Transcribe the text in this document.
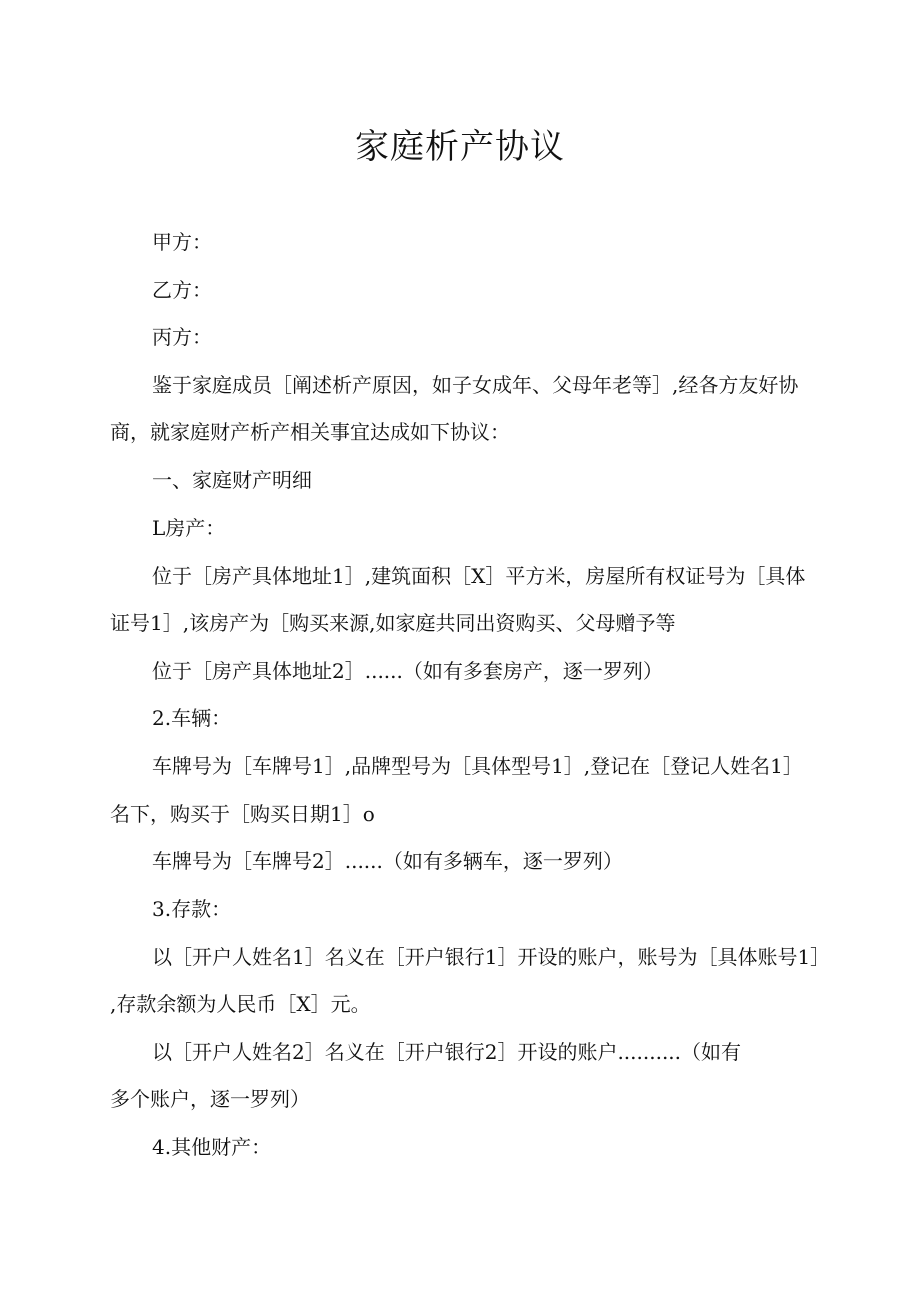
家庭析产协议
甲方：
乙方：
丙方：
鉴于家庭成员［阐述析产原因，如子女成年、父母年老等］,经各方友好协
商，就家庭财产析产相关事宜达成如下协议：
一、家庭财产明细
L房产：
位于［房产具体地址1］,建筑面积［X］平方米，房屋所有权证号为［具体
证号1］,该房产为［购买来源,如家庭共同出资购买、父母赠予等
位于［房产具体地址2］......（如有多套房产，逐一罗列）
2.车辆：
车牌号为［车牌号1］,品牌型号为［具体型号1］,登记在［登记人姓名1］
名下，购买于［购买日期1］o
车牌号为［车牌号2］......（如有多辆车，逐一罗列）
3.存款：
以［开户人姓名1］名义在［开户银行1］开设的账户，账号为［具体账号1］
,存款余额为人民币［X］元。
以［开户人姓名2］名义在［开户银行2］开设的账户..........（如有
多个账户，逐一罗列）
4.其他财产：
